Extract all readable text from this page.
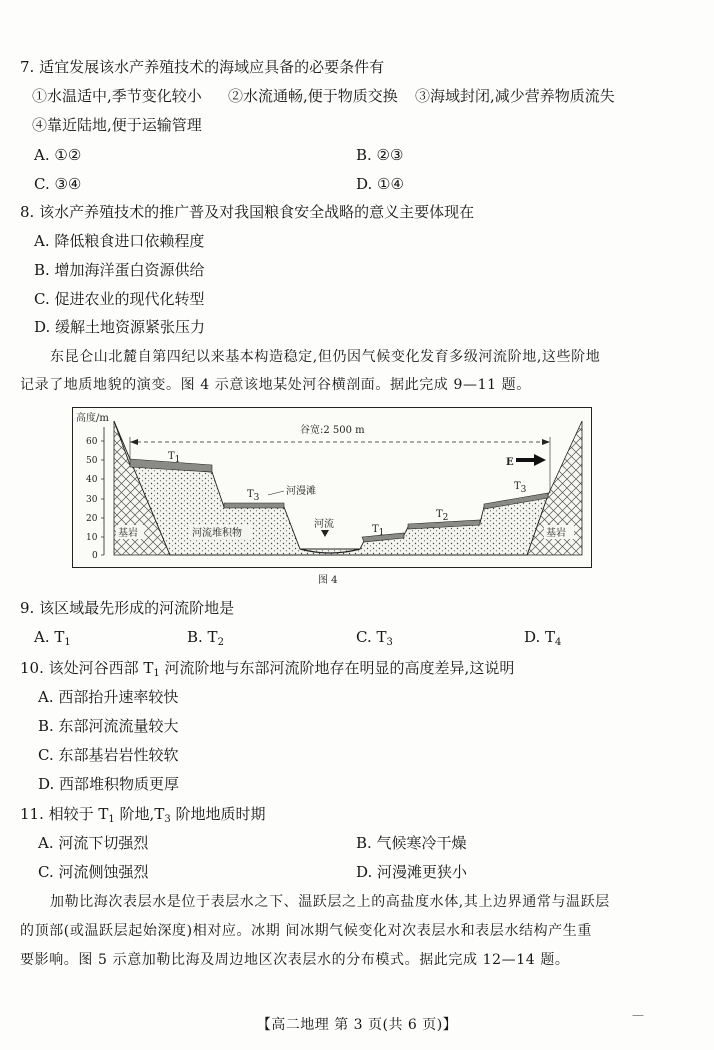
7. 适宜发展该水产养殖技术的海域应具备的必要条件有
①水温适中,季节变化较小 ②水流通畅,便于物质交换 ③海域封闭,减少营养物质流失
④靠近陆地,便于运输管理
A. ①②	B. ②③
C. ③④	D. ①④
8. 该水产养殖技术的推广普及对我国粮食安全战略的意义主要体现在
A. 降低粮食进口依赖程度
B. 增加海洋蛋白资源供给
C. 促进农业的现代化转型
D. 缓解土地资源紧张压力
东昆仑山北麓自第四纪以来基本构造稳定,但仍因气候变化发育多级河流阶地,这些阶地
记录了地质地貌的演变。图 4 示意该地某处河谷横剖面。据此完成 9—11 题。
高度/m
60
50
40
30
20
10
0
谷宽:2 500 m
E
T1
T3
河漫滩
河流	T1
T2
T3
基岩	河流堆积物	基岩
图 4
9. 该区域最先形成的河流阶地是
A. $T_1$	B. $T_2$	C. $T_3$	D. $T_4$
10. 该处河谷西部 $T_1$ 河流阶地与东部河流阶地存在明显的高度差异,这说明
A. 西部抬升速率较快
B. 东部河流流量较大
C. 东部基岩岩性较软
D. 西部堆积物质更厚
11. 相较于 $T_1$ 阶地$,T_3$ 阶地地质时期
A. 河流下切强烈	B. 气候寒冷干燥
C. 河流侧蚀强烈	D. 河漫滩更狭小
加勒比海次表层水是位于表层水之下、温跃层之上的高盐度水体,其上边界通常与温跃层
的顶部(或温跃层起始深度)相对应。冰期 间冰期气候变化对次表层水和表层水结构产生重
要影响。图 5 示意加勒比海及周边地区次表层水的分布模式。据此完成 12—14 题。
【高二地理 第 3 页(共 6 页)】
—
